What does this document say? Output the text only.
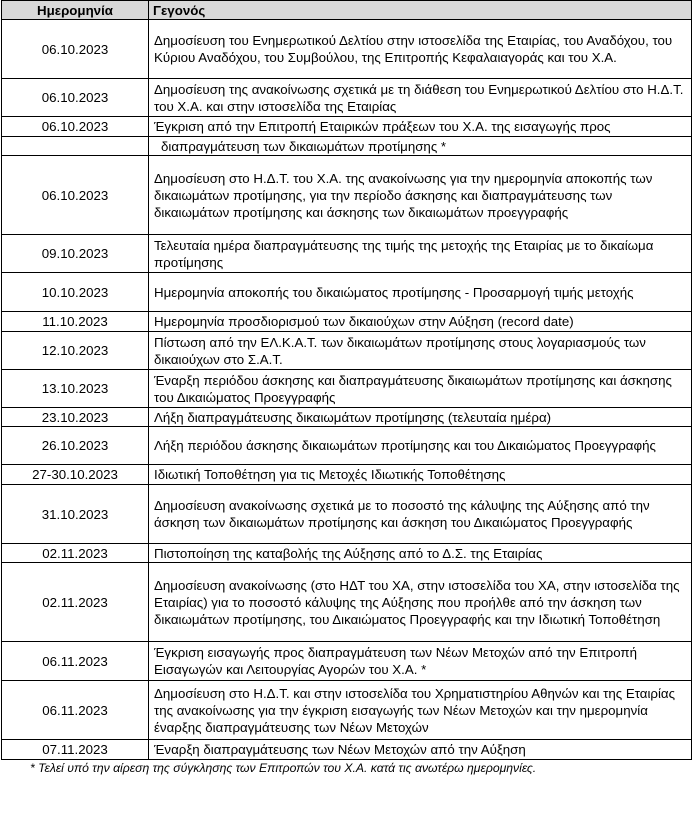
Ημερομηνία	Γεγονός
06.10.2023	Δημοσίευση του Ενημερωτικού Δελτίου στην ιστοσελίδα της Εταιρίας, του Αναδόχου, του Κύριου Αναδόχου, του Συμβούλου, της Επιτροπής Κεφαλαιαγοράς και του Χ.Α.
06.10.2023	Δημοσίευση της ανακοίνωσης σχετικά με τη διάθεση του Ενημερωτικού Δελτίου στο Η.Δ.Τ. του Χ.Α. και στην ιστοσελίδα της Εταιρίας
06.10.2023	Έγκριση από την Επιτροπή Εταιρικών πράξεων του Χ.Α. της εισαγωγής προς
	διαπραγμάτευση των δικαιωμάτων προτίμησης *
06.10.2023	Δημοσίευση στο Η.Δ.Τ. του Χ.Α. της ανακοίνωσης για την ημερομηνία αποκοπής των δικαιωμάτων προτίμησης, για την περίοδο άσκησης και διαπραγμάτευσης των δικαιωμάτων προτίμησης και άσκησης των δικαιωμάτων προεγγραφής
09.10.2023	Τελευταία ημέρα διαπραγμάτευσης της τιμής της μετοχής της Εταιρίας με το δικαίωμα προτίμησης
10.10.2023	Ημερομηνία αποκοπής του δικαιώματος προτίμησης - Προσαρμογή τιμής μετοχής
11.10.2023	Ημερομηνία προσδιορισμού των δικαιούχων στην Αύξηση (record date)
12.10.2023	Πίστωση από την ΕΛ.Κ.Α.Τ. των δικαιωμάτων προτίμησης στους λογαριασμούς των δικαιούχων στο Σ.Α.Τ.
13.10.2023	Έναρξη περιόδου άσκησης και διαπραγμάτευσης δικαιωμάτων προτίμησης και άσκησης του Δικαιώματος Προεγγραφής
23.10.2023	Λήξη διαπραγμάτευσης δικαιωμάτων προτίμησης (τελευταία ημέρα)
26.10.2023	Λήξη περιόδου άσκησης δικαιωμάτων προτίμησης και του Δικαιώματος Προεγγραφής
27-30.10.2023	Ιδιωτική Τοποθέτηση για τις Μετοχές Ιδιωτικής Τοποθέτησης
31.10.2023	Δημοσίευση ανακοίνωσης σχετικά με το ποσοστό της κάλυψης της Αύξησης από την άσκηση των δικαιωμάτων προτίμησης και άσκηση του Δικαιώματος Προεγγραφής
02.11.2023	Πιστοποίηση της καταβολής της Αύξησης από το Δ.Σ. της Εταιρίας
02.11.2023	Δημοσίευση ανακοίνωσης (στο ΗΔΤ του ΧΑ, στην ιστοσελίδα του ΧΑ, στην ιστοσελίδα της Εταιρίας) για το ποσοστό κάλυψης της Αύξησης που προήλθε από την άσκηση των δικαιωμάτων προτίμησης, του Δικαιώματος Προεγγραφής και την Ιδιωτική Τοποθέτηση
06.11.2023	Έγκριση εισαγωγής προς διαπραγμάτευση των Νέων Μετοχών από την Επιτροπή Εισαγωγών και Λειτουργίας Αγορών του Χ.Α. *
06.11.2023	Δημοσίευση στο Η.Δ.Τ. και στην ιστοσελίδα του Χρηματιστηρίου Αθηνών και της Εταιρίας της ανακοίνωσης για την έγκριση εισαγωγής των Νέων Μετοχών και την ημερομηνία έναρξης διαπραγμάτευσης των Νέων Μετοχών
07.11.2023	Έναρξη διαπραγμάτευσης των Νέων Μετοχών από την Αύξηση
* Τελεί υπό την αίρεση της σύγκλησης των Επιτροπών του Χ.Α. κατά τις ανωτέρω ημερομηνίες.
